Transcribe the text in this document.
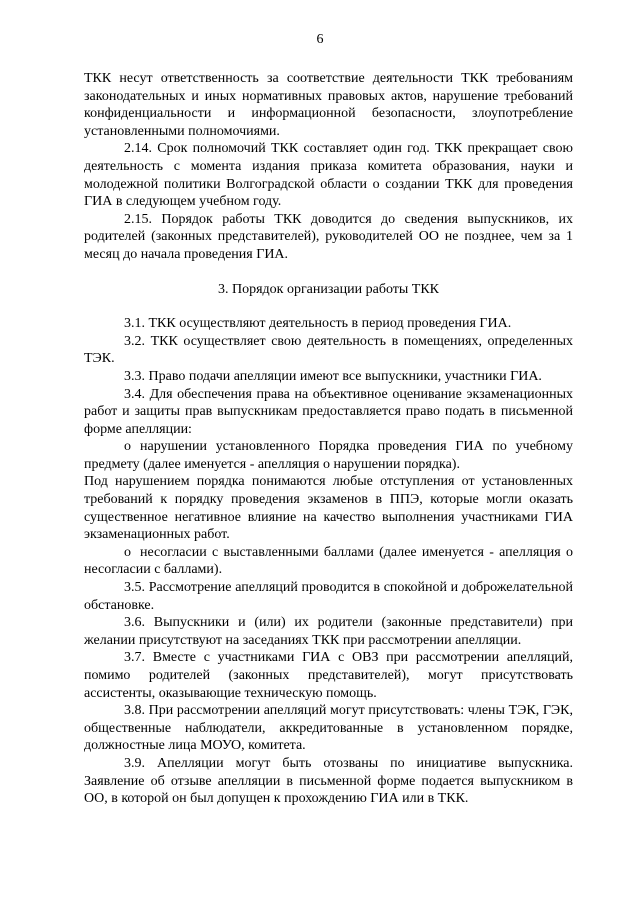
6

ТКК несут ответственность за соответствие деятельности ТКК требованиям законодательных и иных нормативных правовых актов, нарушение требований конфиденциальности и информационной безопасности, злоупотребление установленными полномочиями.

2.14. Срок полномочий ТКК составляет один год. ТКК прекращает свою деятельность с момента издания приказа комитета образования, науки и молодежной политики Волгоградской области о создании ТКК для проведения ГИА в следующем учебном году.

2.15. Порядок работы ТКК доводится до сведения выпускников, их родителей (законных представителей), руководителей ОО не позднее, чем за 1 месяц до начала проведения ГИА.

3. Порядок организации работы ТКК

3.1. ТКК осуществляют деятельность в период проведения ГИА.

3.2. ТКК осуществляет свою деятельность в помещениях, определенных ТЭК.

3.3. Право подачи апелляции имеют все выпускники, участники ГИА.

3.4. Для обеспечения права на объективное оценивание экзаменационных работ и защиты прав выпускникам предоставляется право подать в письменной форме апелляции:

о нарушении установленного Порядка проведения ГИА по учебному предмету (далее именуется - апелляция о нарушении порядка).

Под нарушением порядка понимаются любые отступления от установленных требований к порядку проведения экзаменов в ППЭ, которые могли оказать существенное негативное влияние на качество выполнения участниками ГИА экзаменационных работ.

о несогласии с выставленными баллами (далее именуется - апелляция о несогласии с баллами).

3.5. Рассмотрение апелляций проводится в спокойной и доброжелательной обстановке.

3.6. Выпускники и (или) их родители (законные представители) при желании присутствуют на заседаниях ТКК при рассмотрении апелляции.

3.7. Вместе с участниками ГИА с ОВЗ при рассмотрении апелляций, помимо родителей (законных представителей), могут присутствовать ассистенты, оказывающие техническую помощь.

3.8. При рассмотрении апелляций могут присутствовать: члены ТЭК, ГЭК, общественные наблюдатели, аккредитованные в установленном порядке, должностные лица МОУО, комитета.

3.9. Апелляции могут быть отозваны по инициативе выпускника. Заявление об отзыве апелляции в письменной форме подается выпускником в ОО, в которой он был допущен к прохождению ГИА или в ТКК.
